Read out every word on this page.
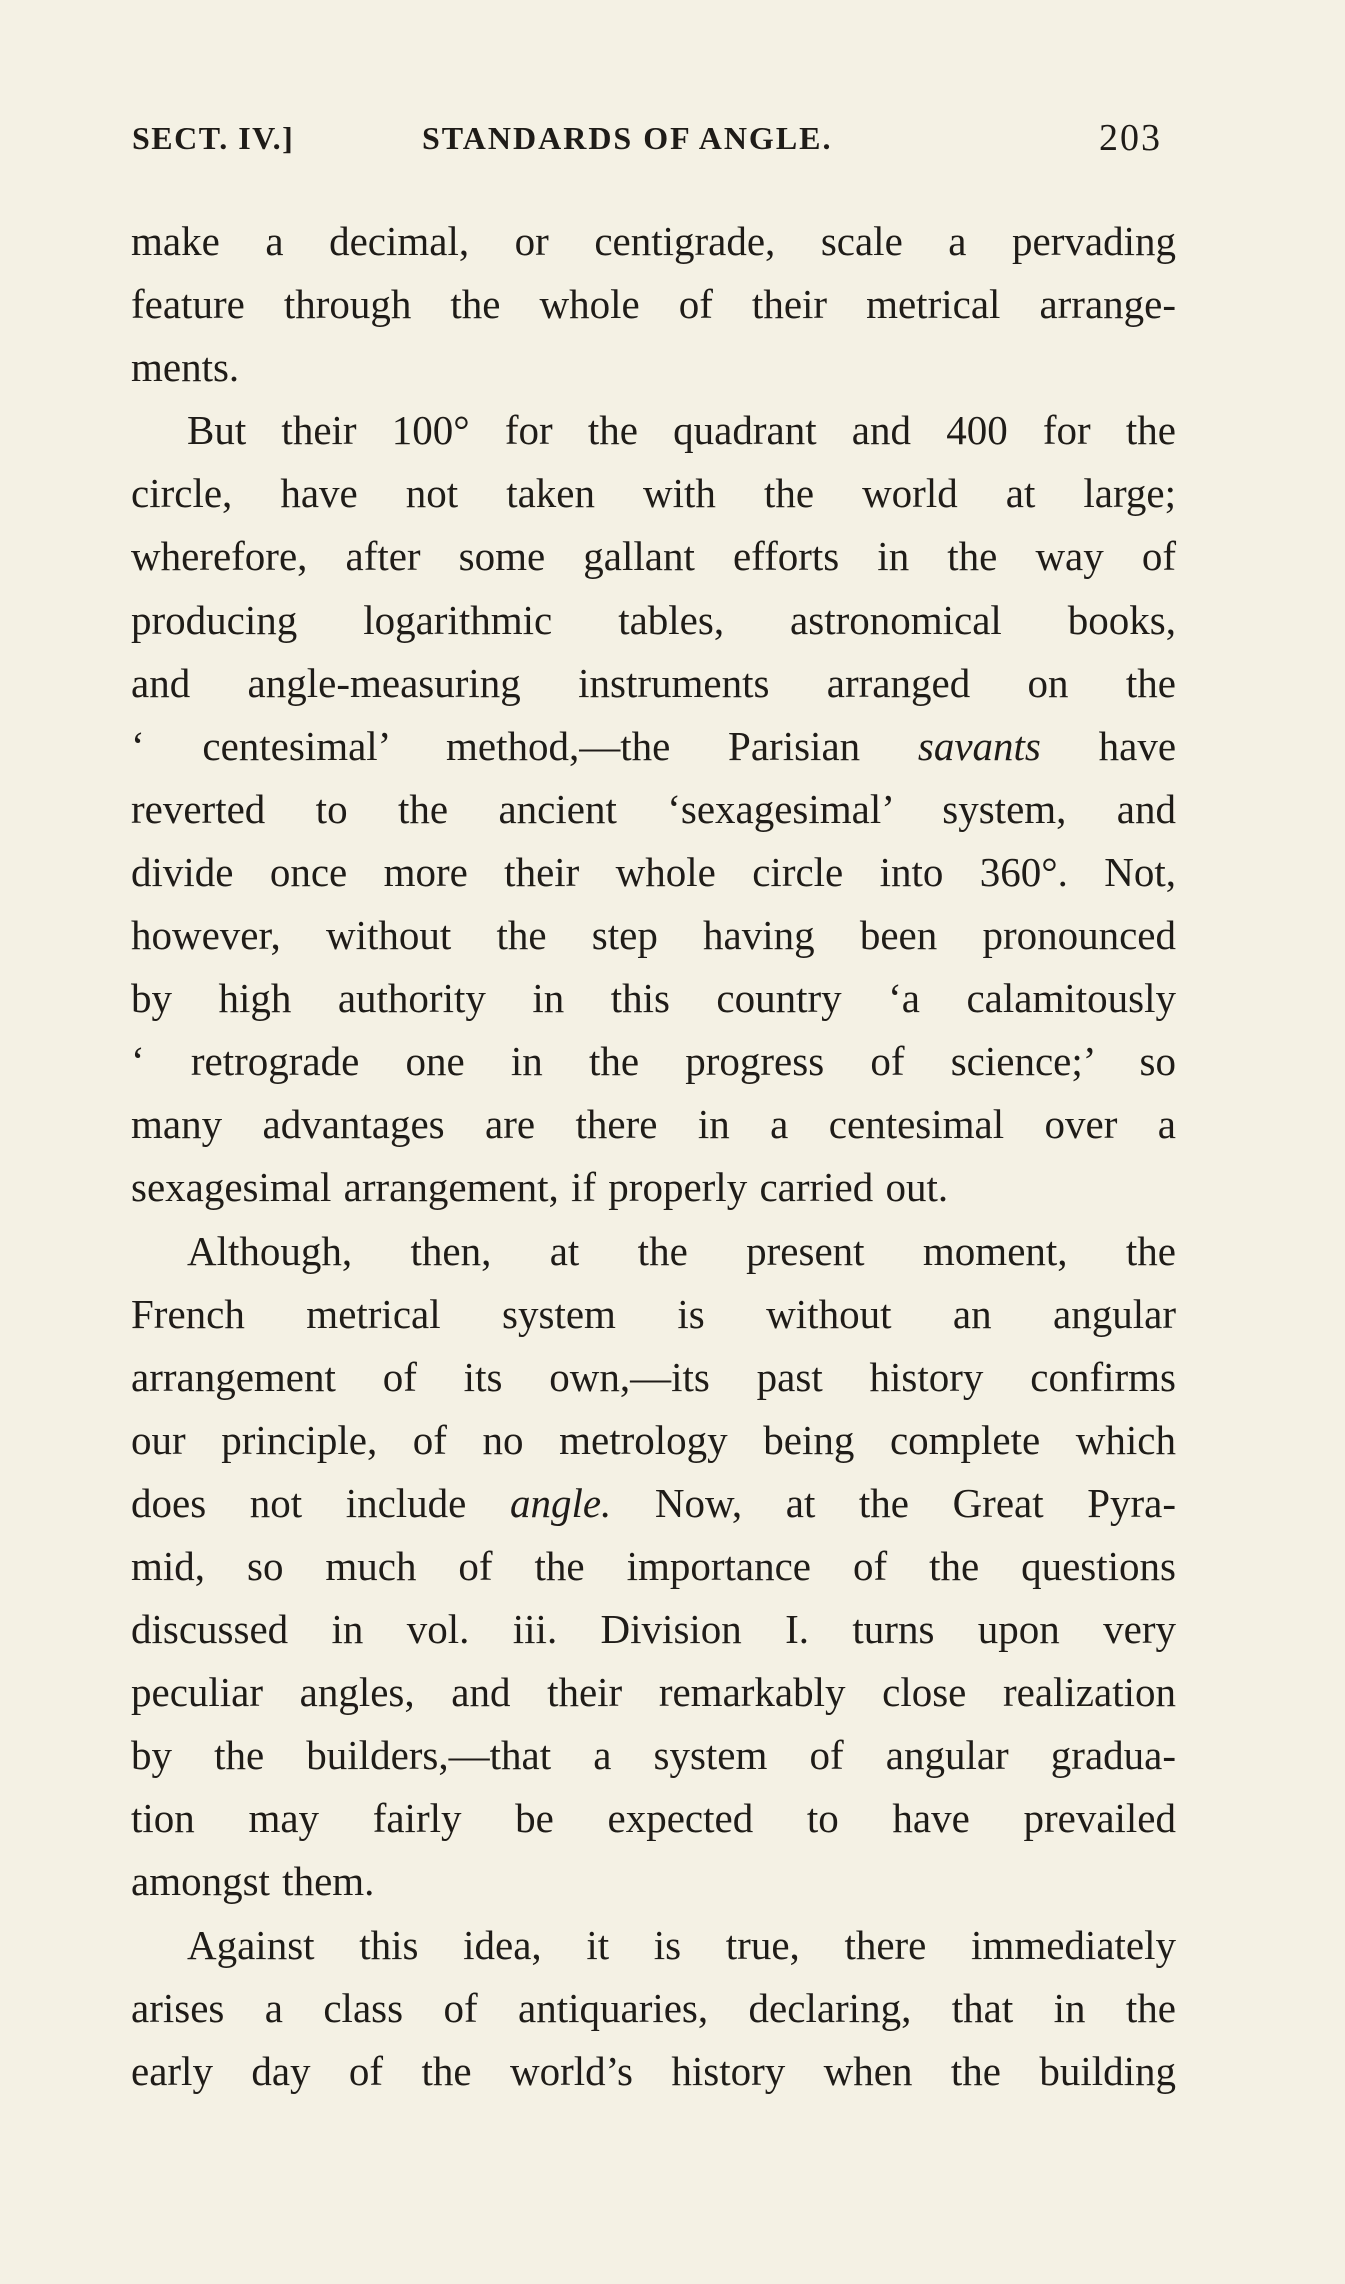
SECT. IV.]	STANDARDS OF ANGLE.	203
make a decimal, or centigrade, scale a pervading
feature through the whole of their metrical arrange-
ments.
But their 100° for the quadrant and 400 for the
circle, have not taken with the world at large;
wherefore, after some gallant efforts in the way of
producing logarithmic tables, astronomical books,
and angle-measuring instruments arranged on the
‘ centesimal’ method,—the Parisian savants have
reverted to the ancient ‘sexagesimal’ system, and
divide once more their whole circle into 360°. Not,
however, without the step having been pronounced
by high authority in this country ‘a calamitously
‘ retrograde one in the progress of science;’ so
many advantages are there in a centesimal over a
sexagesimal arrangement, if properly carried out.
Although, then, at the present moment, the
French metrical system is without an angular
arrangement of its own,—its past history confirms
our principle, of no metrology being complete which
does not include angle. Now, at the Great Pyra-
mid, so much of the importance of the questions
discussed in vol. iii. Division I. turns upon very
peculiar angles, and their remarkably close realization
by the builders,—that a system of angular gradua-
tion may fairly be expected to have prevailed
amongst them.
Against this idea, it is true, there immediately
arises a class of antiquaries, declaring, that in the
early day of the world’s history when the building
